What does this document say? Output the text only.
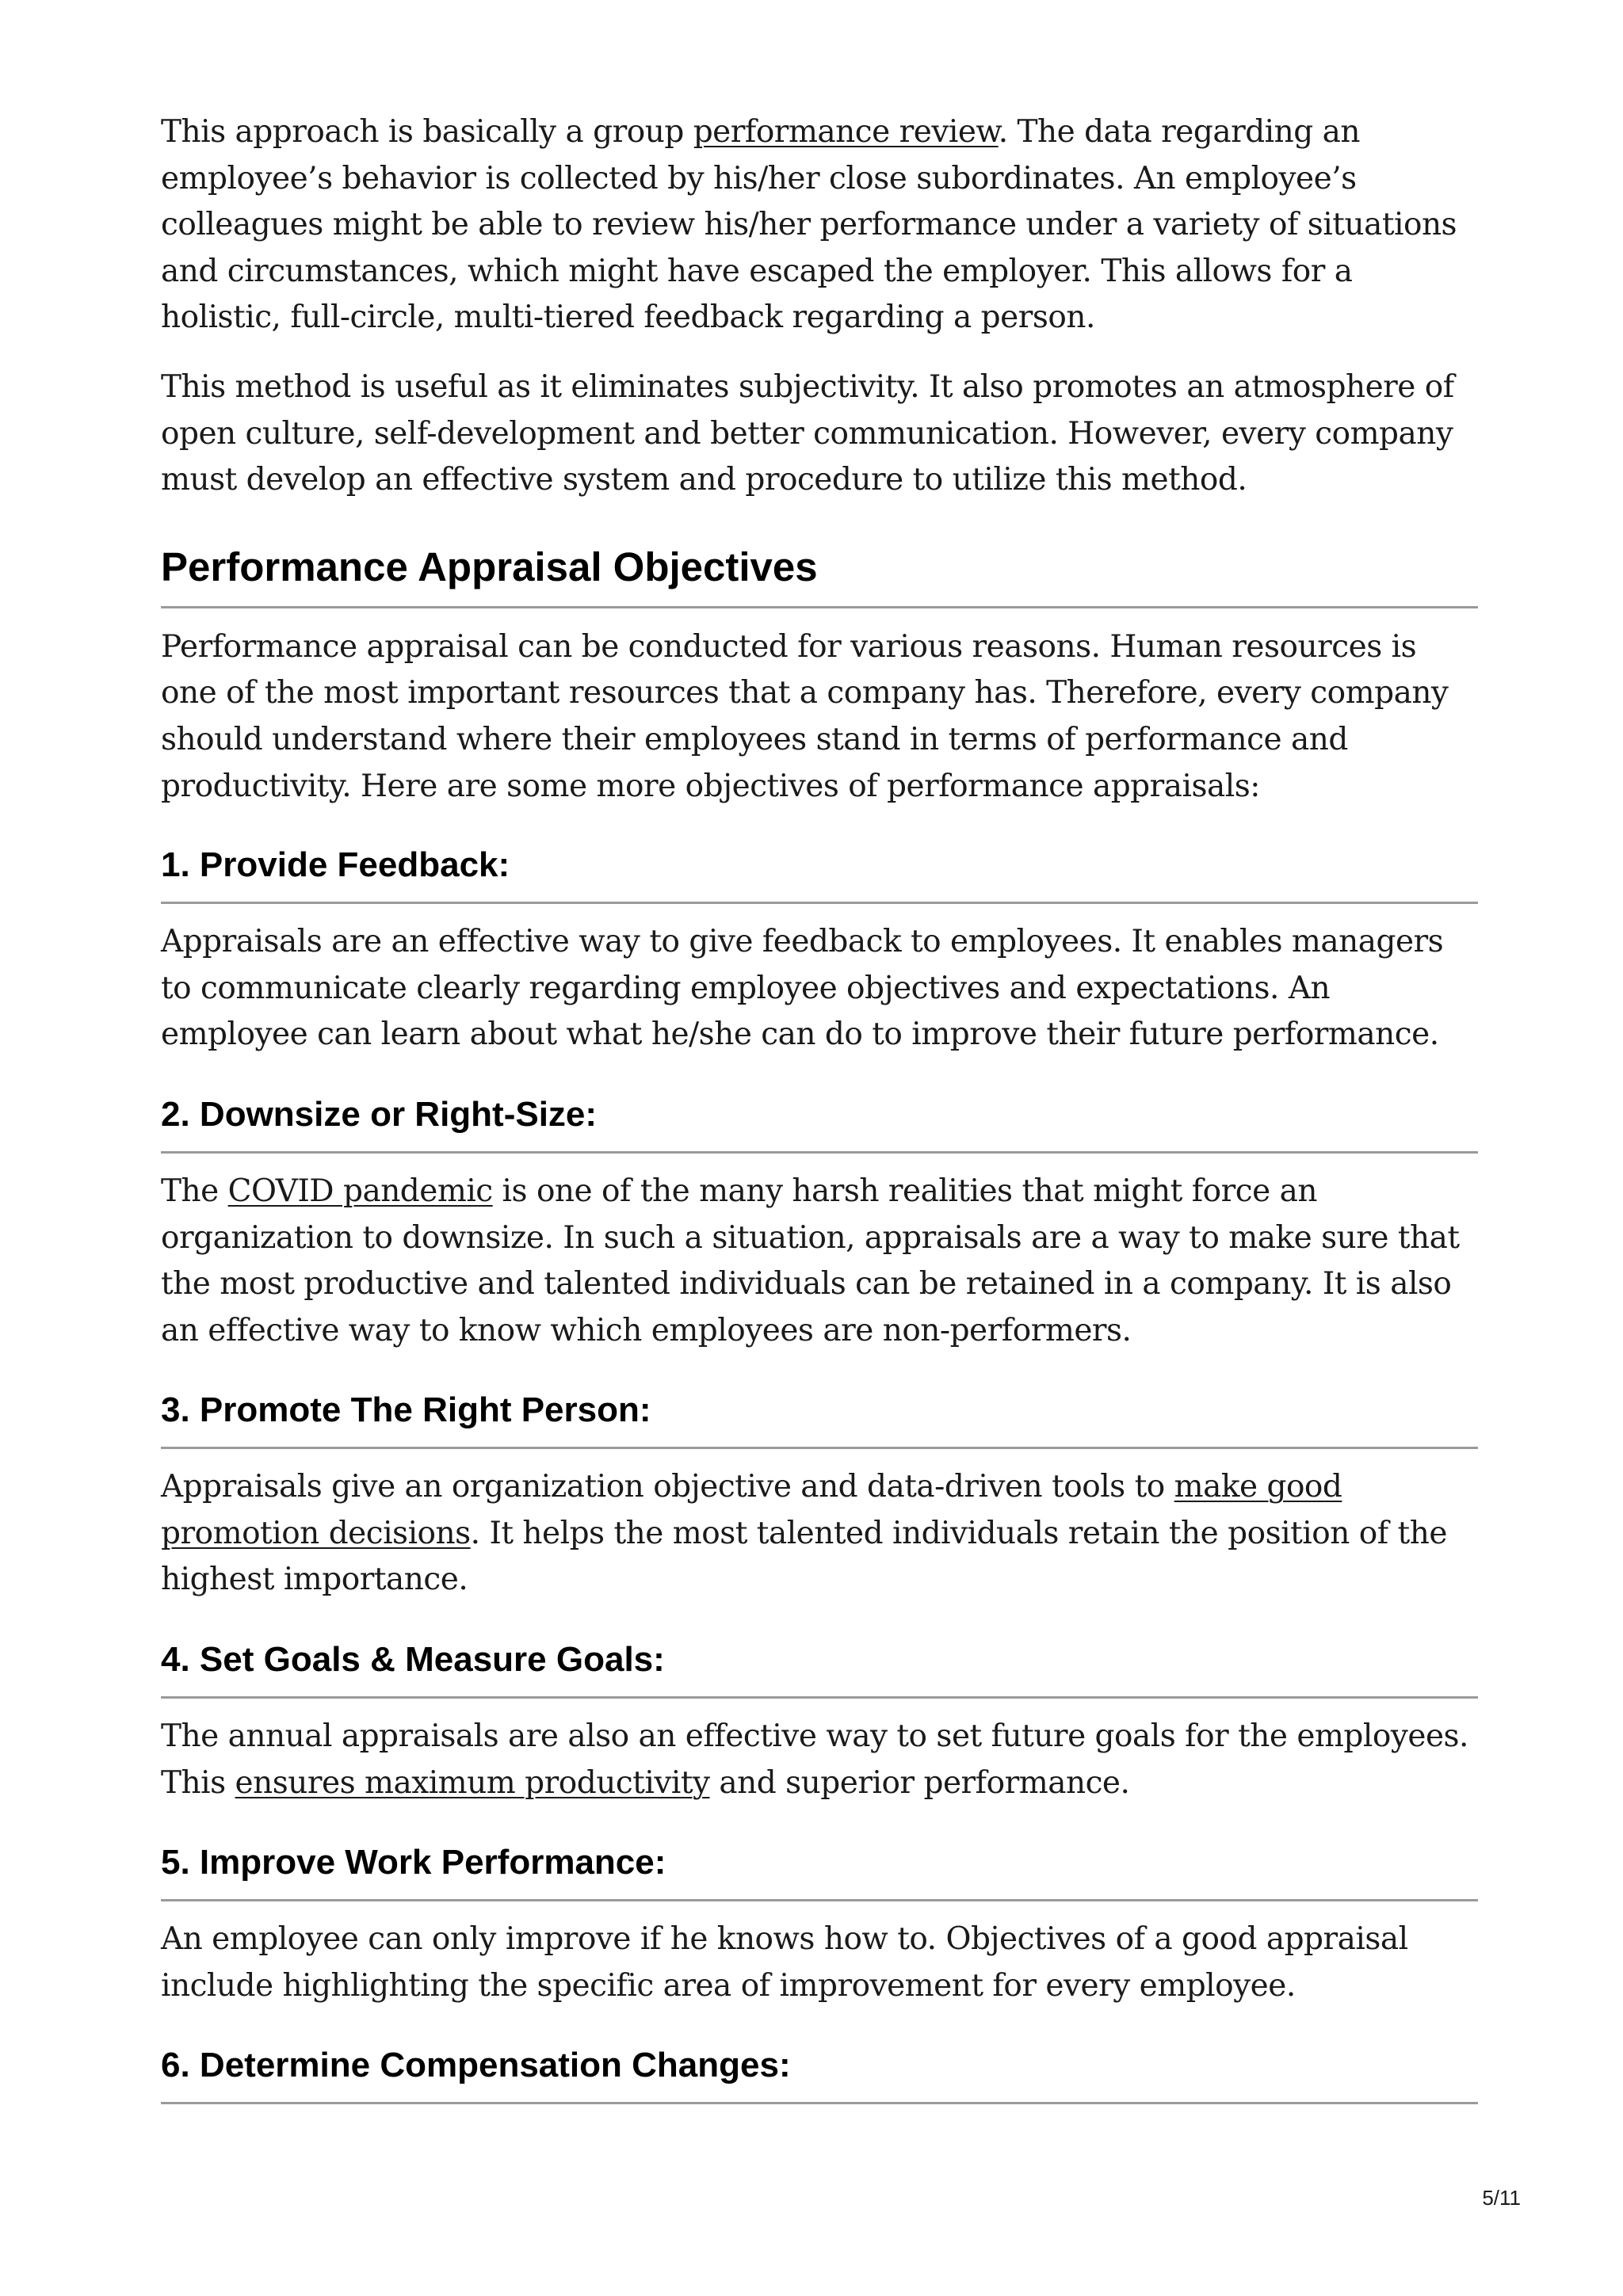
This approach is basically a group performance review. The data regarding an employee’s behavior is collected by his/her close subordinates. An employee’s colleagues might be able to review his/her performance under a variety of situations and circumstances, which might have escaped the employer. This allows for a holistic, full-circle, multi-tiered feedback regarding a person.

This method is useful as it eliminates subjectivity. It also promotes an atmosphere of open culture, self-development and better communication. However, every company must develop an effective system and procedure to utilize this method.

Performance Appraisal Objectives

Performance appraisal can be conducted for various reasons. Human resources is one of the most important resources that a company has. Therefore, every company should understand where their employees stand in terms of performance and productivity. Here are some more objectives of performance appraisals:

1. Provide Feedback:

Appraisals are an effective way to give feedback to employees. It enables managers to communicate clearly regarding employee objectives and expectations. An employee can learn about what he/she can do to improve their future performance.

2. Downsize or Right-Size:

The COVID pandemic is one of the many harsh realities that might force an organization to downsize. In such a situation, appraisals are a way to make sure that the most productive and talented individuals can be retained in a company. It is also an effective way to know which employees are non-performers.

3. Promote The Right Person:

Appraisals give an organization objective and data-driven tools to make good promotion decisions. It helps the most talented individuals retain the position of the highest importance.

4. Set Goals & Measure Goals:

The annual appraisals are also an effective way to set future goals for the employees. This ensures maximum productivity and superior performance.

5. Improve Work Performance:

An employee can only improve if he knows how to. Objectives of a good appraisal include highlighting the specific area of improvement for every employee.

6. Determine Compensation Changes:
5/11
